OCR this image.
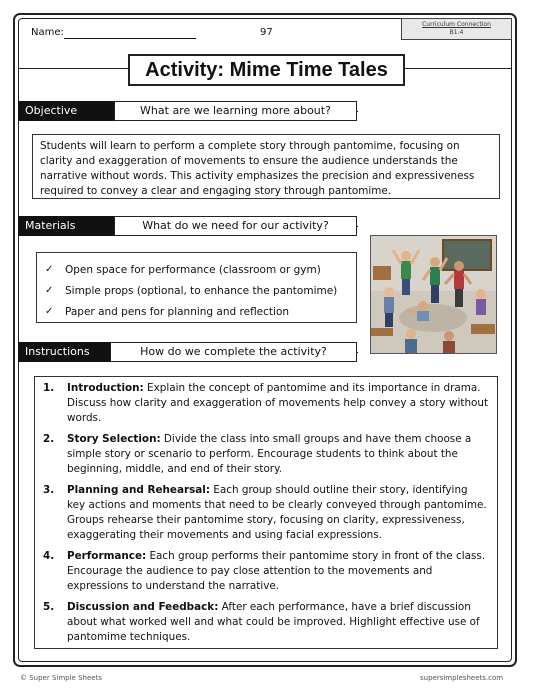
Name:	97
Curriculum Connection
B1.4
Activity: Mime Time Tales
Objective	What are we learning more about?
Students will learn to perform a complete story through pantomime, focusing on clarity and exaggeration of movements to ensure the audience understands the narrative without words. This activity emphasizes the precision and expressiveness required to convey a clear and engaging story through pantomime.
Materials	What do we need for our activity?
✓	Open space for performance (classroom or gym)
✓	Simple props (optional, to enhance the pantomime)
✓	Paper and pens for planning and reflection
Instructions	How do we complete the activity?
1.	Introduction: Explain the concept of pantomime and its importance in drama. Discuss how clarity and exaggeration of movements help convey a story without words.
2.	Story Selection: Divide the class into small groups and have them choose a simple story or scenario to perform. Encourage students to think about the beginning, middle, and end of their story.
3.	Planning and Rehearsal: Each group should outline their story, identifying key actions and moments that need to be clearly conveyed through pantomime. Groups rehearse their pantomime story, focusing on clarity, expressiveness, exaggerating their movements and using facial expressions.
4.	Performance: Each group performs their pantomime story in front of the class. Encourage the audience to pay close attention to the movements and expressions to understand the narrative.
5.	Discussion and Feedback: After each performance, have a brief discussion about what worked well and what could be improved. Highlight effective use of pantomime techniques.
© Super Simple Sheets	supersimplesheets.com
